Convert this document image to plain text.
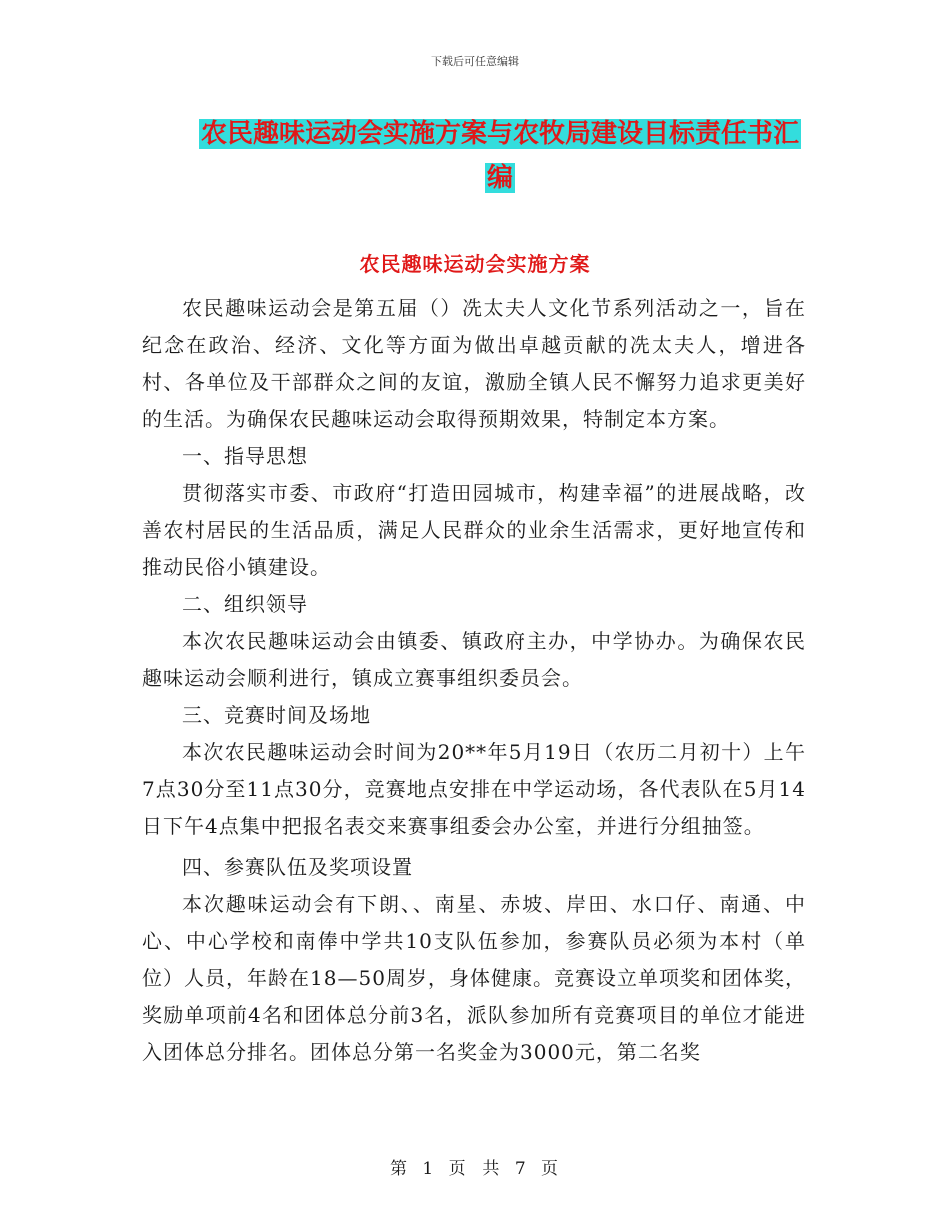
下载后可任意编辑
农民趣味运动会实施方案与农牧局建设目标责任书汇
编
农民趣味运动会实施方案

农民趣味运动会是第五届（）冼太夫人文化节系列活动之一，旨在纪念在政治、经济、文化等方面为做出卓越贡献的冼太夫人，增进各村、各单位及干部群众之间的友谊，激励全镇人民不懈努力追求更美好的生活。为确保农民趣味运动会取得预期效果，特制定本方案。

一、指导思想

贯彻落实市委、市政府“打造田园城市，构建幸福”的进展战略，改善农村居民的生活品质，满足人民群众的业余生活需求，更好地宣传和推动民俗小镇建设。

二、组织领导

本次农民趣味运动会由镇委、镇政府主办，中学协办。为确保农民趣味运动会顺利进行，镇成立赛事组织委员会。

三、竞赛时间及场地

本次农民趣味运动会时间为20**年5月19日（农历二月初十）上午7点30分至11点30分，竞赛地点安排在中学运动场，各代表队在5月14日下午4点集中把报名表交来赛事组委会办公室，并进行分组抽签。

四、参赛队伍及奖项设置

本次趣味运动会有下朗、、南星、赤坡、岸田、水口仔、南通、中心、中心学校和南俸中学共10支队伍参加，参赛队员必须为本村（单位）人员，年龄在18—50周岁，身体健康。竞赛设立单项奖和团体奖，奖励单项前4名和团体总分前3名，派队参加所有竞赛项目的单位才能进入团体总分排名。团体总分第一名奖金为3000元，第二名奖

第 1 页  共 7 页
